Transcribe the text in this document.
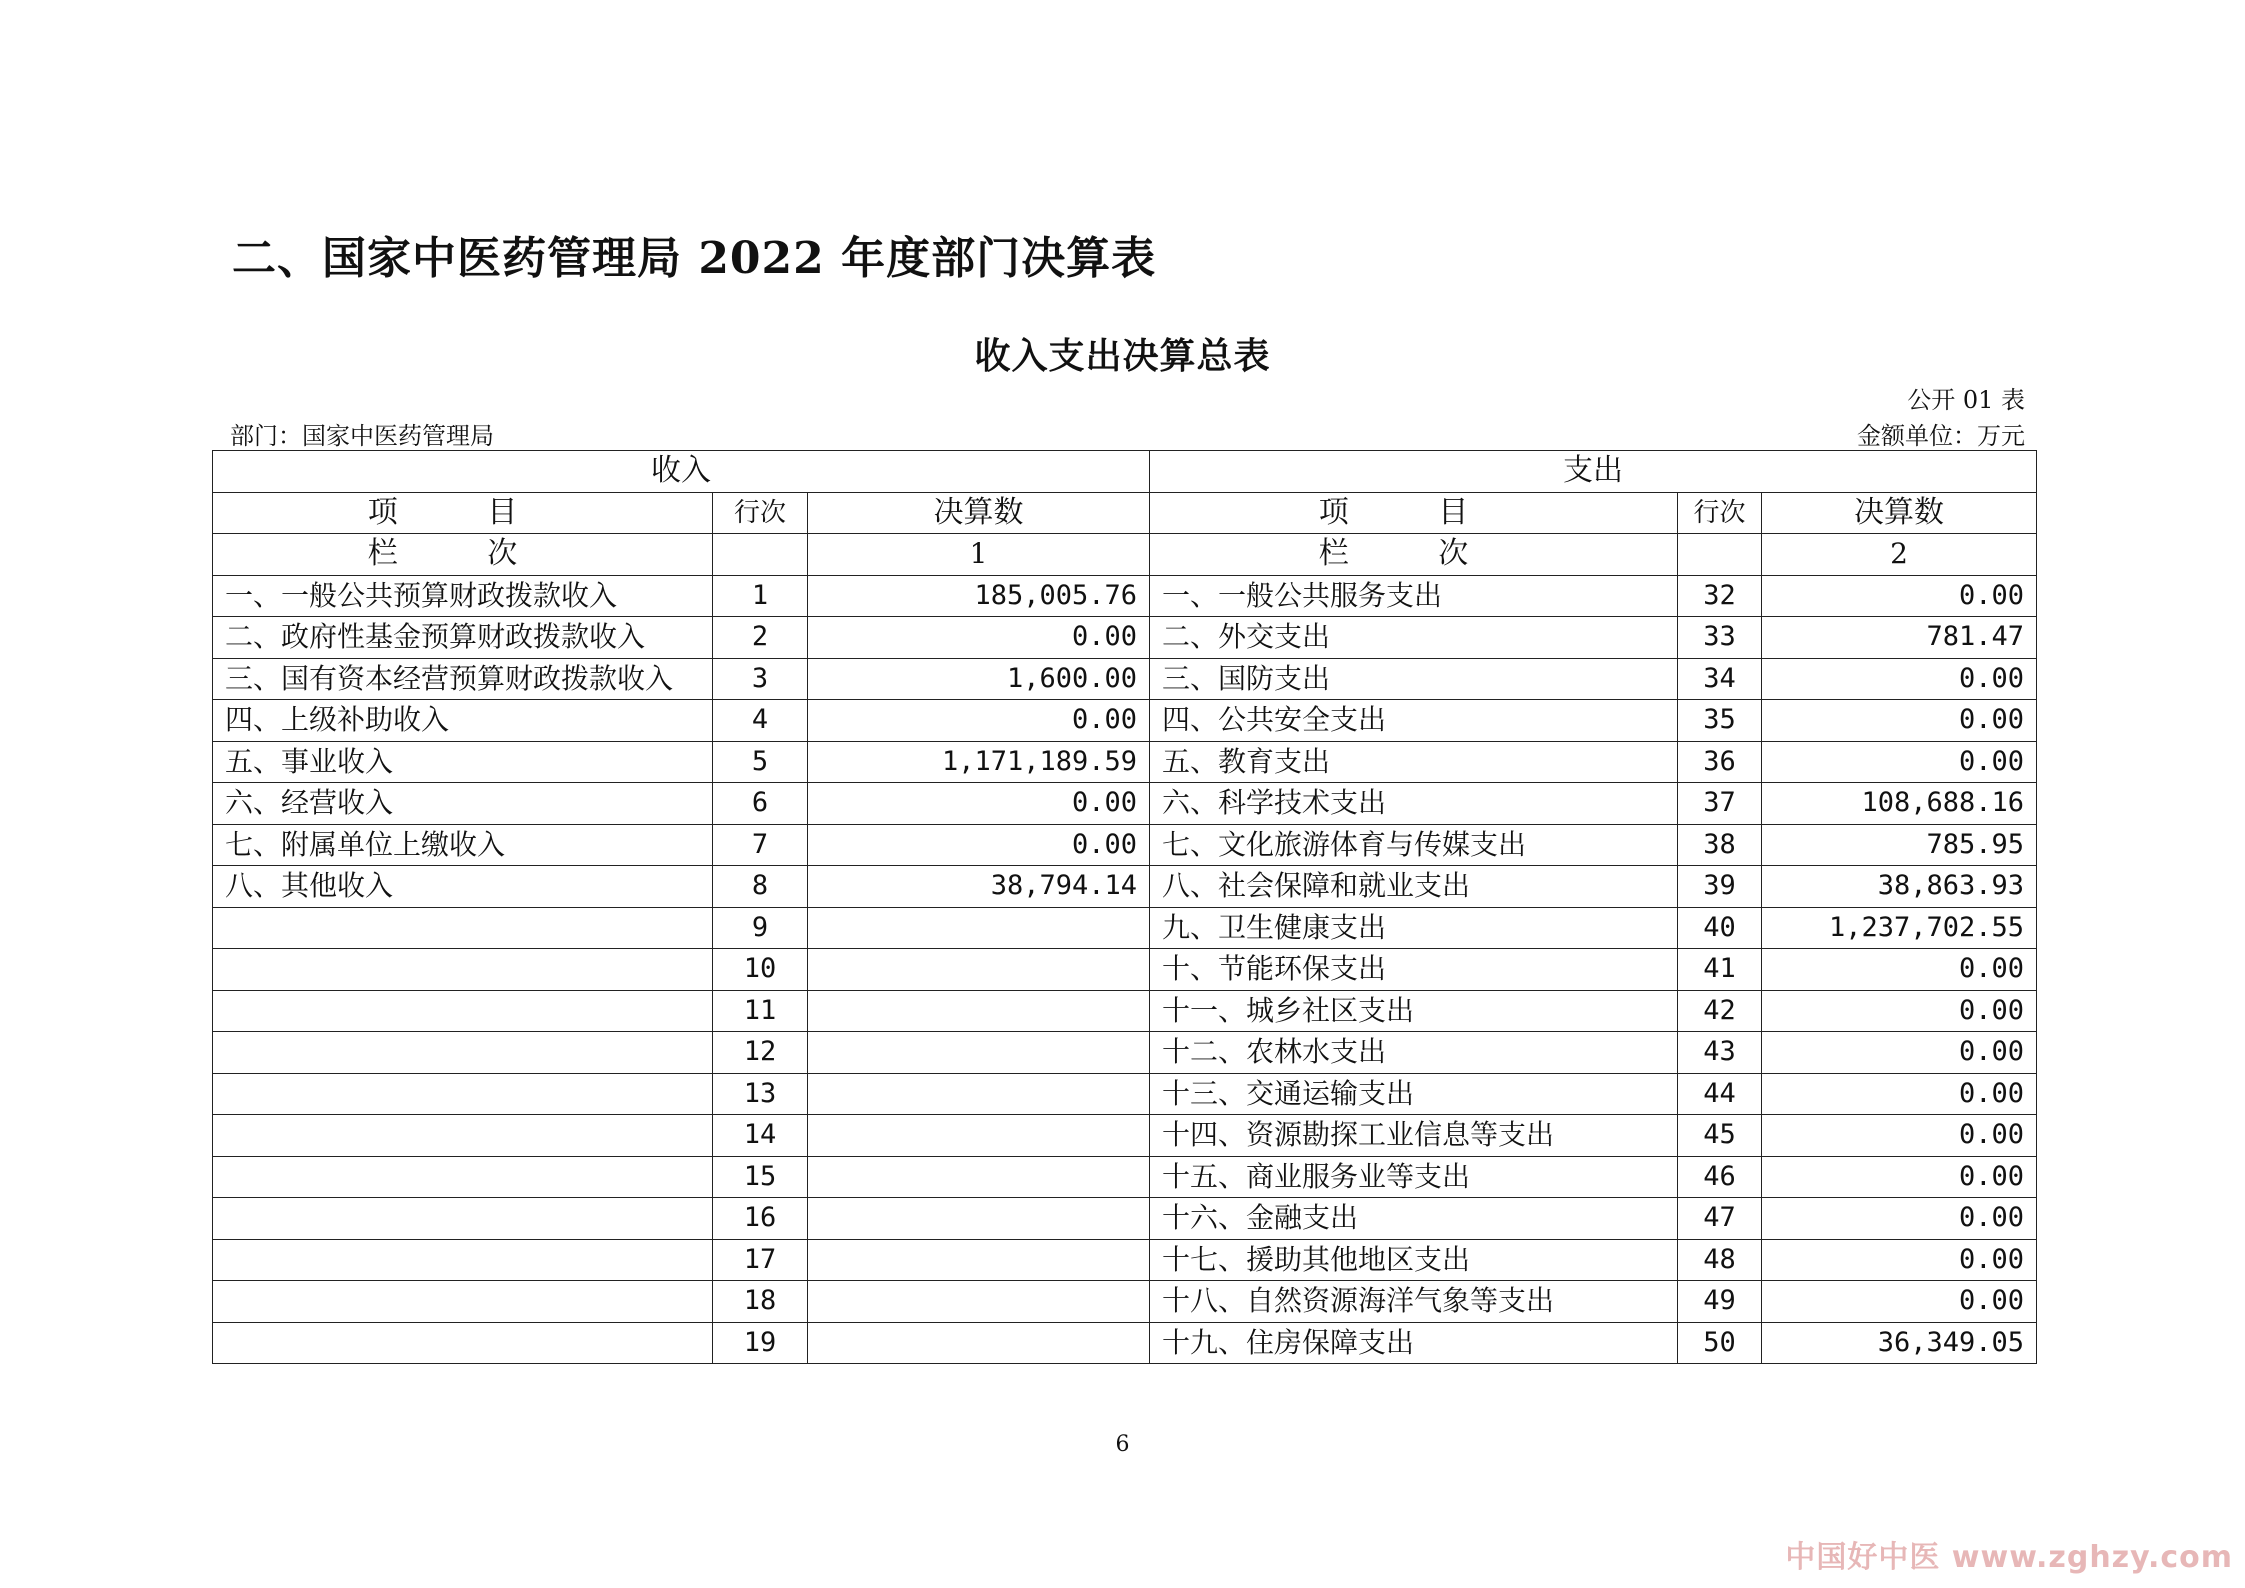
二、国家中医药管理局 2022 年度部门决算表
收入支出决算总表
公开 01 表
部门：国家中医药管理局	金额单位：万元
收入			支出		
项 目	行次	决算数	项 目	行次	决算数
栏 次		1	栏 次		2
一、一般公共预算财政拨款收入	1	185,005.76	一、一般公共服务支出	32	0.00
二、政府性基金预算财政拨款收入	2	0.00	二、外交支出	33	781.47
三、国有资本经营预算财政拨款收入	3	1,600.00	三、国防支出	34	0.00
四、上级补助收入	4	0.00	四、公共安全支出	35	0.00
五、事业收入	5	1,171,189.59	五、教育支出	36	0.00
六、经营收入	6	0.00	六、科学技术支出	37	108,688.16
七、附属单位上缴收入	7	0.00	七、文化旅游体育与传媒支出	38	785.95
八、其他收入	8	38,794.14	八、社会保障和就业支出	39	38,863.93
	9		九、卫生健康支出	40	1,237,702.55
	10		十、节能环保支出	41	0.00
	11		十一、城乡社区支出	42	0.00
	12		十二、农林水支出	43	0.00
	13		十三、交通运输支出	44	0.00
	14		十四、资源勘探工业信息等支出	45	0.00
	15		十五、商业服务业等支出	46	0.00
	16		十六、金融支出	47	0.00
	17		十七、援助其他地区支出	48	0.00
	18		十八、自然资源海洋气象等支出	49	0.00
	19		十九、住房保障支出	50	36,349.05
6
中国好中医 www.zghzy.com
